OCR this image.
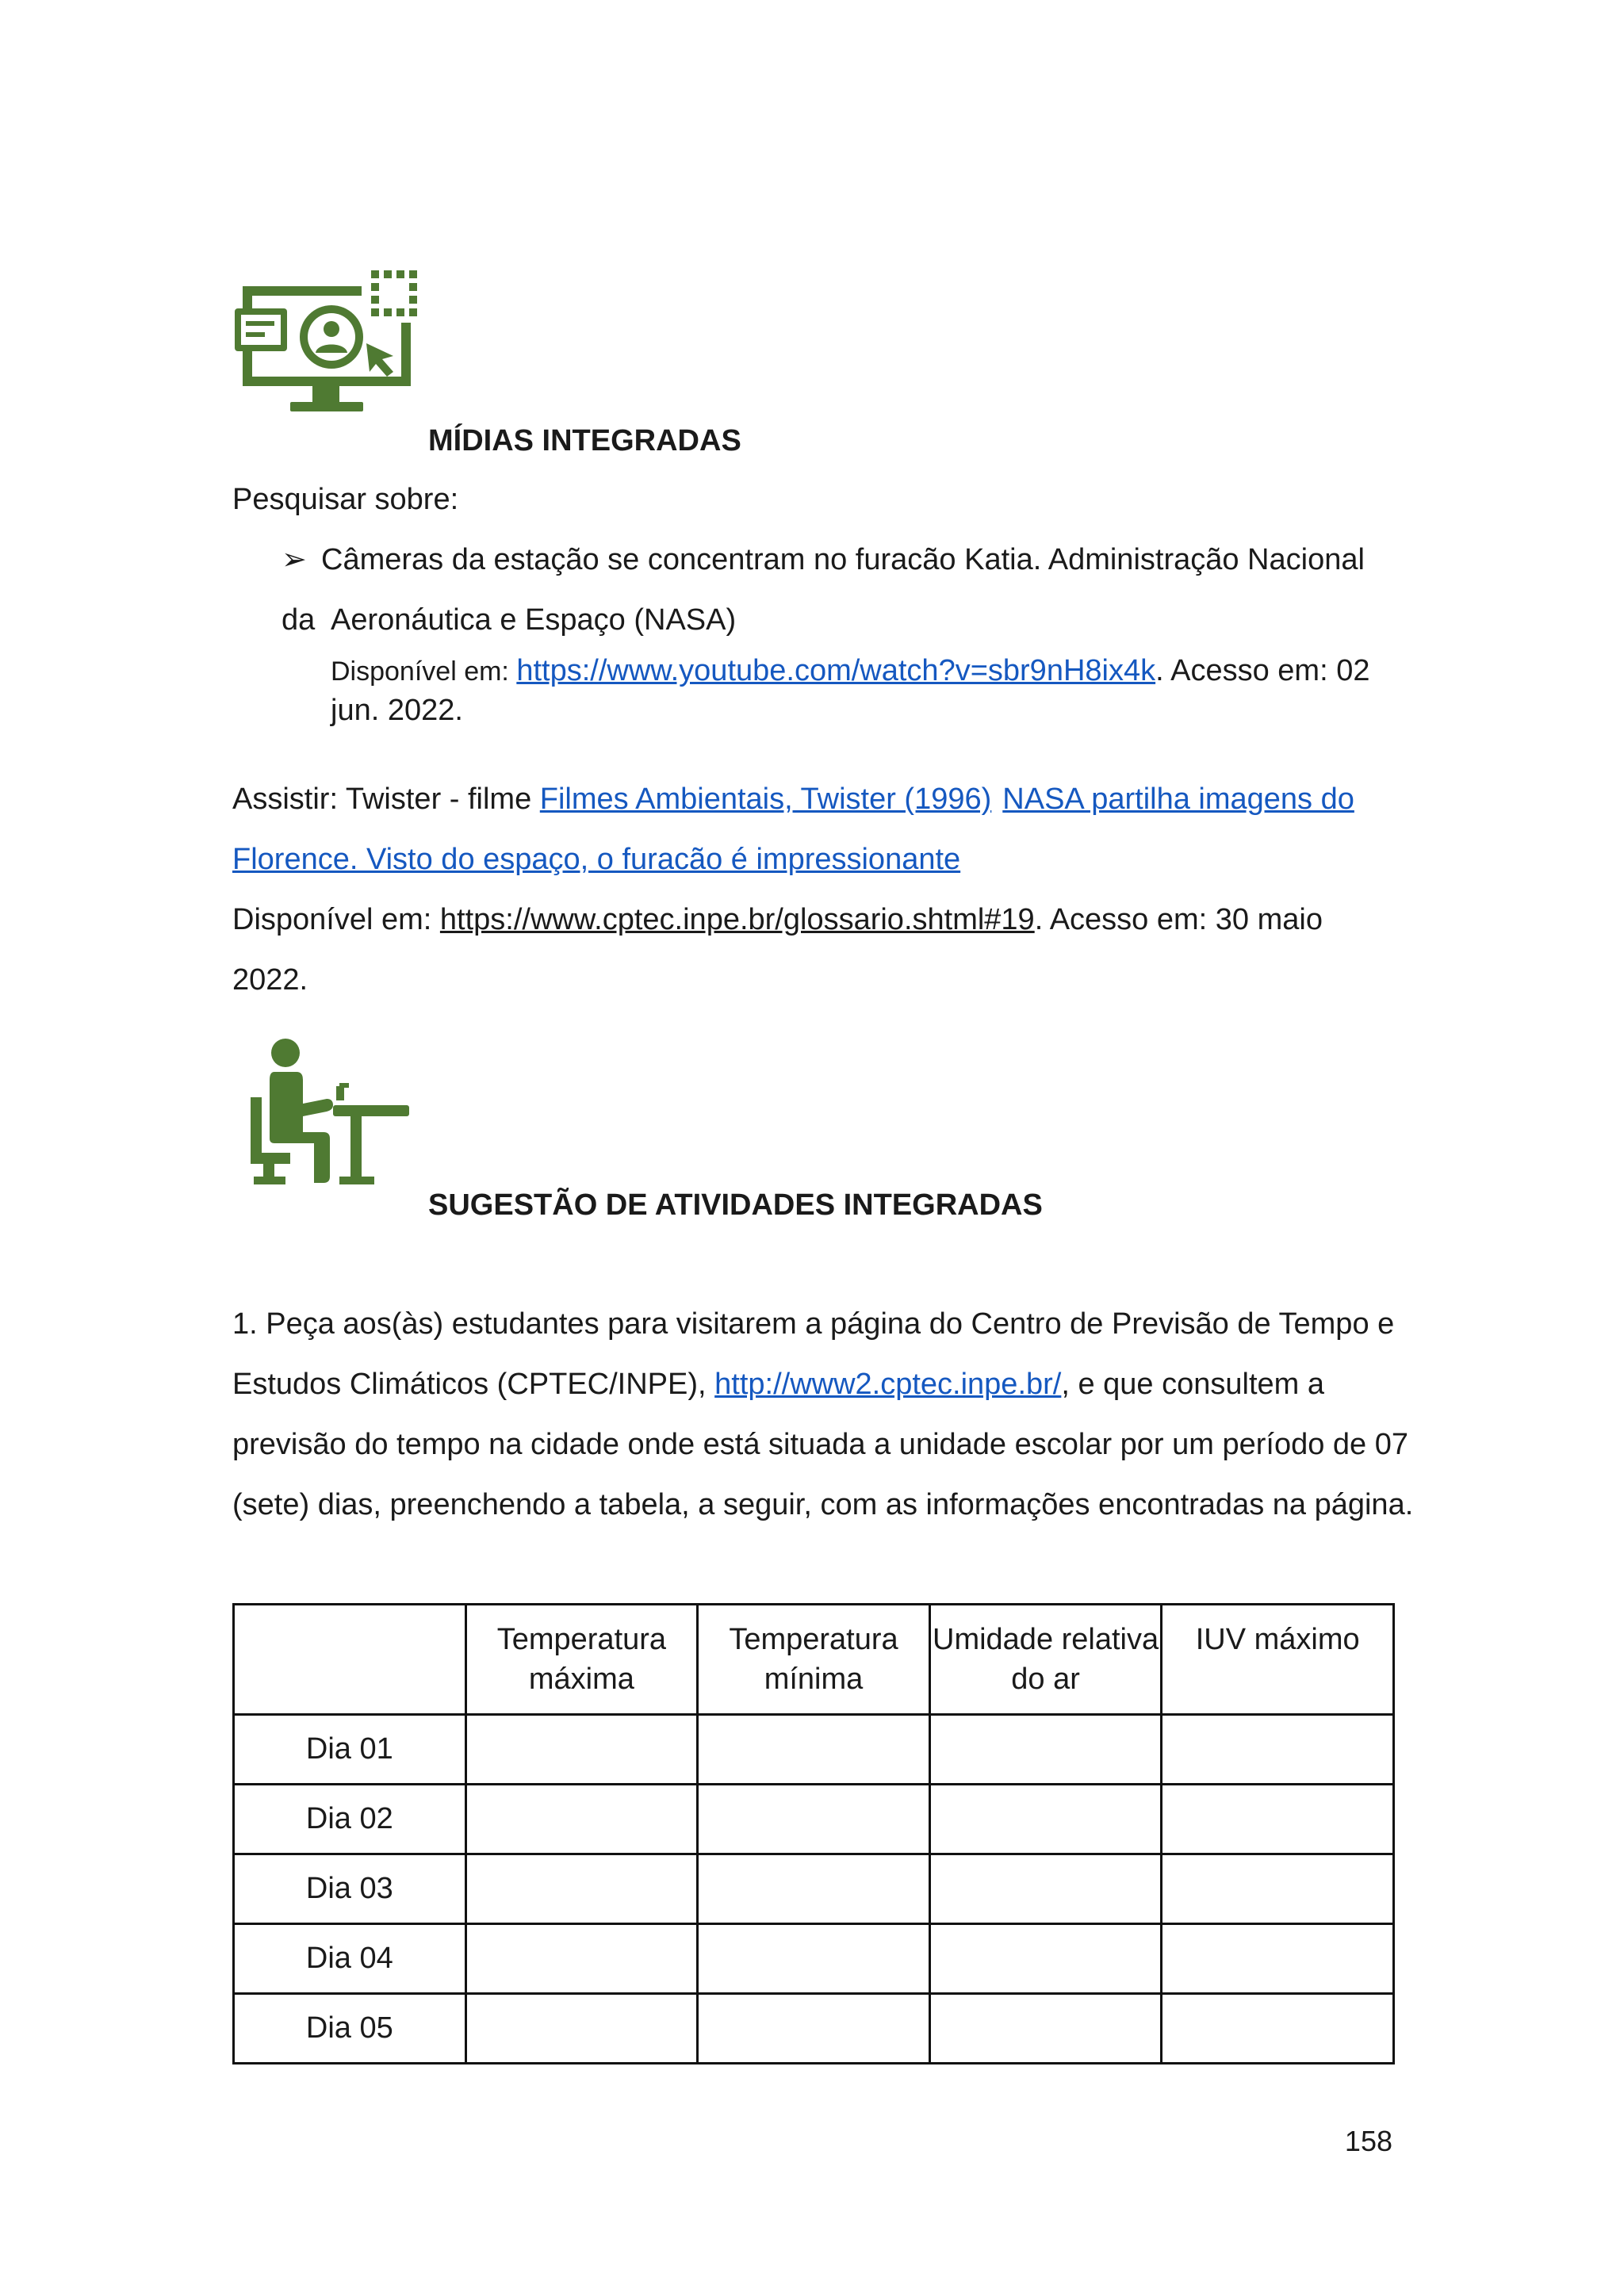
MÍDIAS INTEGRADAS
Pesquisar sobre:
➢ Câmeras da estação se concentram no furacão Katia. Administração Nacional da Aeronáutica e Espaço (NASA)
Disponível em: https://www.youtube.com/watch?v=sbr9nH8ix4k. Acesso em: 02
jun. 2022.
Assistir: Twister - filme Filmes Ambientais, Twister (1996) NASA partilha imagens do
Florence. Visto do espaço, o furacão é impressionante
Disponível em: https://www.cptec.inpe.br/glossario.shtml#19. Acesso em: 30 maio
2022.
SUGESTÃO DE ATIVIDADES INTEGRADAS
1. Peça aos(às) estudantes para visitarem a página do Centro de Previsão de Tempo e
Estudos Climáticos (CPTEC/INPE), http://www2.cptec.inpe.br/, e que consultem a
previsão do tempo na cidade onde está situada a unidade escolar por um período de 07
(sete) dias, preenchendo a tabela, a seguir, com as informações encontradas na página.
	Temperatura máxima	Temperatura mínima	Umidade relativa do ar	IUV máximo
Dia 01				
Dia 02				
Dia 03				
Dia 04				
Dia 05				
158
